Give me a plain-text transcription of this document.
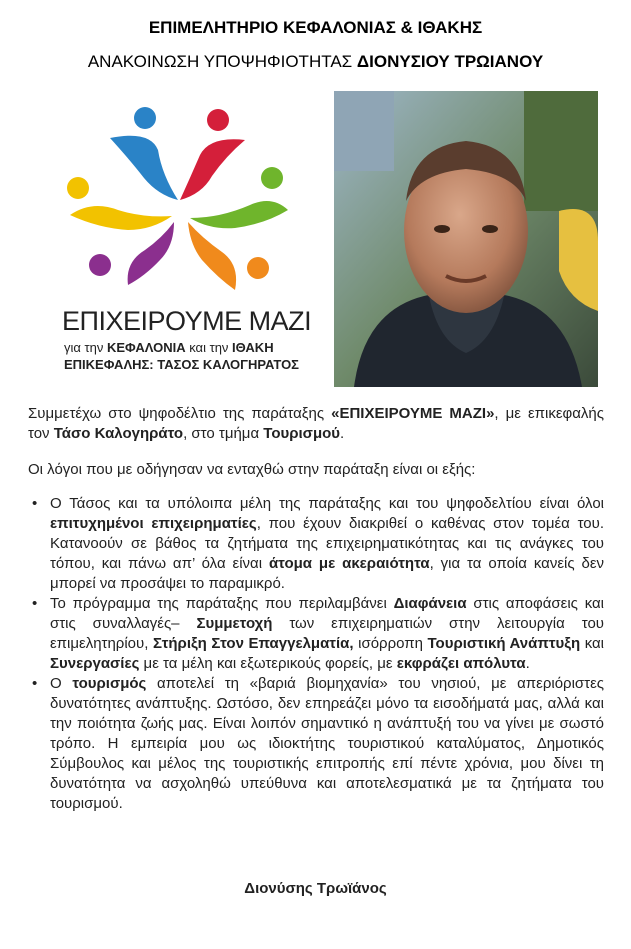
ΕΠΙΜΕΛΗΤΗΡΙΟ ΚΕΦΑΛΟΝΙΑΣ & ΙΘΑΚΗΣ
ΑΝΑΚΟΙΝΩΣΗ ΥΠΟΨΗΦΙΟΤΗΤΑΣ ΔΙΟΝΥΣΙΟΥ ΤΡΩΙΑΝΟΥ
ΕΠΙΧΕΙΡΟΥΜΕ ΜΑΖΙ
για την ΚΕΦΑΛΟΝΙΑ και την ΙΘΑΚΗ
ΕΠΙΚΕΦΑΛΗΣ: ΤΑΣΟΣ ΚΑΛΟΓΗΡΑΤΟΣ
Συμμετέχω στο ψηφοδέλτιο της παράταξης «ΕΠΙΧΕΙΡΟΥΜΕ ΜΑΖΙ», με επικεφαλής τον Τάσο Καλογηράτο, στο τμήμα Τουρισμού.
Οι λόγοι που με οδήγησαν να ενταχθώ στην παράταξη είναι οι εξής:
• Ο Τάσος και τα υπόλοιπα μέλη της παράταξης και του ψηφοδελτίου είναι όλοι επιτυχημένοι επιχειρηματίες, που έχουν διακριθεί ο καθένας στον τομέα του. Κατανοούν σε βάθος τα ζητήματα της επιχειρηματικότητας και τις ανάγκες του τόπου, και πάνω απ’ όλα είναι άτομα με ακεραιότητα, για τα οποία κανείς δεν μπορεί να προσάψει το παραμικρό.
• Το πρόγραμμα της παράταξης που περιλαμβάνει Διαφάνεια στις αποφάσεις και στις συναλλαγές– Συμμετοχή των επιχειρηματιών στην λειτουργία του επιμελητηρίου, Στήριξη Στον Επαγγελματία, ισόρροπη Τουριστική Ανάπτυξη και Συνεργασίες με τα μέλη και εξωτερικούς φορείς, με εκφράζει απόλυτα.
• Ο τουρισμός αποτελεί τη «βαριά βιομηχανία» του νησιού, με απεριόριστες δυνατότητες ανάπτυξης. Ωστόσο, δεν επηρεάζει μόνο τα εισοδήματά μας, αλλά και την ποιότητα ζωής μας. Είναι λοιπόν σημαντικό η ανάπτυξή του να γίνει με σωστό τρόπο. Η εμπειρία μου ως ιδιοκτήτης τουριστικού καταλύματος, Δημοτικός Σύμβουλος και μέλος της τουριστικής επιτροπής επί πέντε χρόνια, μου δίνει τη δυνατότητα να ασχοληθώ υπεύθυνα και αποτελεσματικά με τα ζητήματα του τουρισμού.
Διονύσης Τρωϊάνος
